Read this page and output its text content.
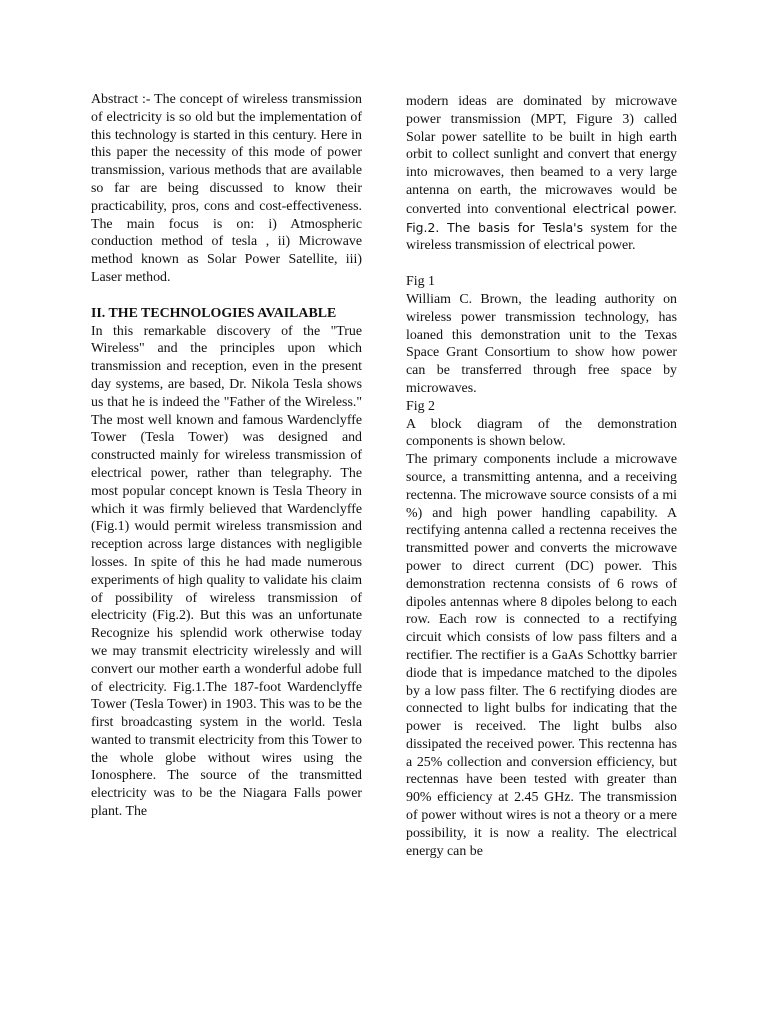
Abstract :- The concept of wireless transmission of electricity is so old but the implementation of this technology is started in this century. Here in this paper the necessity of this mode of power transmission, various methods that are available so far are being discussed to know their practicability, pros, cons and cost-effectiveness. The main focus is on: i) Atmospheric conduction method of tesla , ii) Microwave method known as Solar Power Satellite, iii) Laser method.

II. THE TECHNOLOGIES AVAILABLE

In this remarkable discovery of the "True Wireless" and the principles upon which transmission and reception, even in the present day systems, are based, Dr. Nikola Tesla shows us that he is indeed the "Father of the Wireless." The most well known and famous Wardenclyffe Tower (Tesla Tower) was designed and constructed mainly for wireless transmission of electrical power, rather than telegraphy. The most popular concept known is Tesla Theory in which it was firmly believed that Wardenclyffe (Fig.1) would permit wireless transmission and reception across large distances with negligible losses. In spite of this he had made numerous experiments of high quality to validate his claim of possibility of wireless transmission of electricity (Fig.2). But this was an unfortunate Recognize his splendid work otherwise today we may transmit electricity wirelessly and will convert our mother earth a wonderful adobe full of electricity. Fig.1.The 187-foot Wardenclyffe Tower (Tesla Tower) in 1903. This was to be the first broadcasting system in the world. Tesla wanted to transmit electricity from this Tower to the whole globe without wires using the Ionosphere. The source of the transmitted electricity was to be the Niagara Falls power plant. The

modern ideas are dominated by microwave power transmission (MPT, Figure 3) called Solar power satellite to be built in high earth orbit to collect sunlight and convert that energy into microwaves, then beamed to a very large antenna on earth, the microwaves would be converted into conventional electrical power. Fig.2. The basis for Tesla's system for the wireless transmission of electrical power.

Fig 1

William C. Brown, the leading authority on wireless power transmission technology, has loaned this demonstration unit to the Texas Space Grant Consortium to show how power can be transferred through free space by microwaves.

Fig 2

A block diagram of the demonstration components is shown below.

The primary components include a microwave source, a transmitting antenna, and a receiving rectenna. The microwave source consists of a mi %) and high power handling capability. A rectifying antenna called a rectenna receives the transmitted power and converts the microwave power to direct current (DC) power. This demonstration rectenna consists of 6 rows of dipoles antennas where 8 dipoles belong to each row. Each row is connected to a rectifying circuit which consists of low pass filters and a rectifier. The rectifier is a GaAs Schottky barrier diode that is impedance matched to the dipoles by a low pass filter. The 6 rectifying diodes are connected to light bulbs for indicating that the power is received. The light bulbs also dissipated the received power. This rectenna has a 25% collection and conversion efficiency, but rectennas have been tested with greater than 90% efficiency at 2.45 GHz. The transmission of power without wires is not a theory or a mere possibility, it is now a reality. The electrical energy can be
